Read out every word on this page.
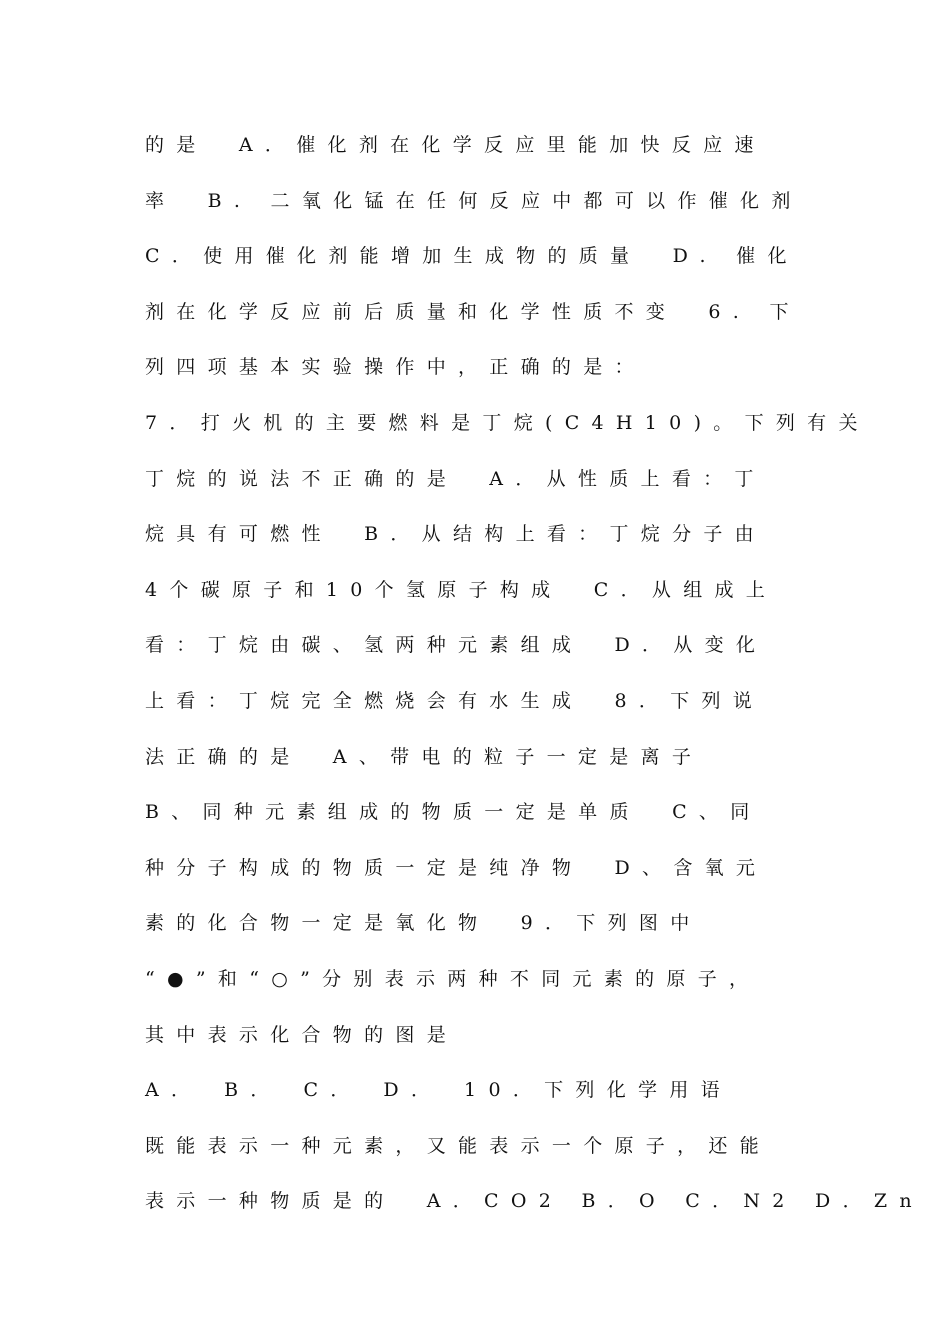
的是　A．催化剂在化学反应里能加快反应速
率　B. 二氧化锰在任何反应中都可以作催化剂
C．使用催化剂能增加生成物的质量　D. 催化
剂在化学反应前后质量和化学性质不变　6. 下
列四项基本实验操作中，正确的是：
7．打火机的主要燃料是丁烷(C4H10)。下列有关
丁烷的说法不正确的是　A．从性质上看：丁
烷具有可燃性　B．从结构上看：丁烷分子由
4个碳原子和10个氢原子构成　C．从组成上
看：丁烷由碳、氢两种元素组成　D．从变化
上看：丁烷完全燃烧会有水生成　8．下列说
法正确的是　A、带电的粒子一定是离子
B、同种元素组成的物质一定是单质　C、同
种分子构成的物质一定是纯净物　D、含氧元
素的化合物一定是氧化物　9．下列图中
“●”和“○”分别表示两种不同元素的原子，
其中表示化合物的图是
A．　B．　C．　D．　10．下列化学用语
既能表示一种元素，又能表示一个原子，还能
表示一种物质是的　A．CO2 B．O C．N2 D．Zn
